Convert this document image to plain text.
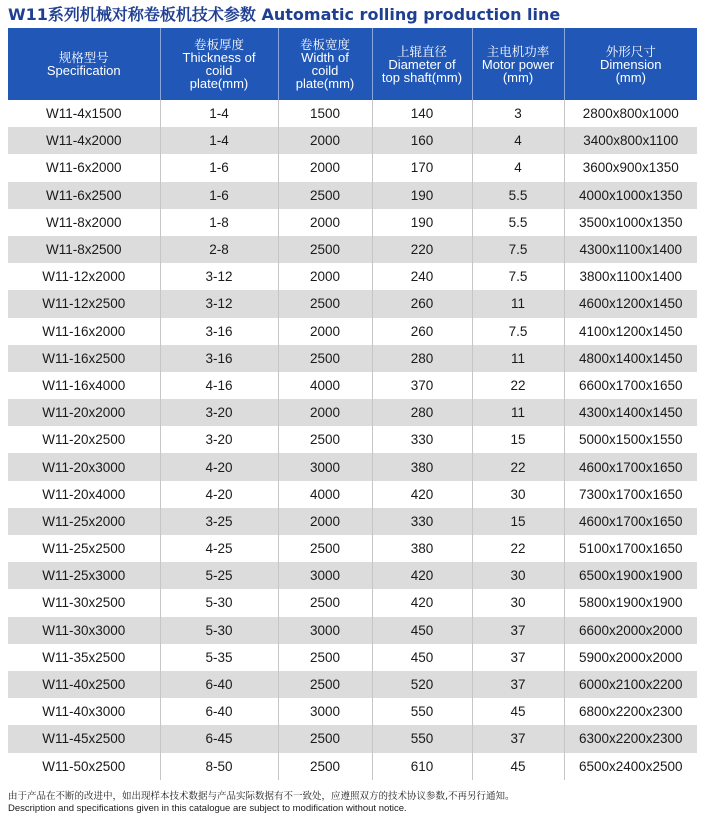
W11系列机械对称卷板机技术参数 Automatic rolling production line
规格型号
Specification	卷板厚度
Thickness of
coild
plate(mm)	卷板宽度
Width of
coild
plate(mm)	上辊直径
Diameter of
top shaft(mm)	主电机功率
Motor power
(mm)	外形尺寸
Dimension
(mm)

W11-4x1500	1-4	1500	140	3	2800x800x1000
W11-4x2000	1-4	2000	160	4	3400x800x1100
W11-6x2000	1-6	2000	170	4	3600x900x1350
W11-6x2500	1-6	2500	190	5.5	4000x1000x1350
W11-8x2000	1-8	2000	190	5.5	3500x1000x1350
W11-8x2500	2-8	2500	220	7.5	4300x1100x1400
W11-12x2000	3-12	2000	240	7.5	3800x1100x1400
W11-12x2500	3-12	2500	260	11	4600x1200x1450
W11-16x2000	3-16	2000	260	7.5	4100x1200x1450
W11-16x2500	3-16	2500	280	11	4800x1400x1450
W11-16x4000	4-16	4000	370	22	6600x1700x1650
W11-20x2000	3-20	2000	280	11	4300x1400x1450
W11-20x2500	3-20	2500	330	15	5000x1500x1550
W11-20x3000	4-20	3000	380	22	4600x1700x1650
W11-20x4000	4-20	4000	420	30	7300x1700x1650
W11-25x2000	3-25	2000	330	15	4600x1700x1650
W11-25x2500	4-25	2500	380	22	5100x1700x1650
W11-25x3000	5-25	3000	420	30	6500x1900x1900
W11-30x2500	5-30	2500	420	30	5800x1900x1900
W11-30x3000	5-30	3000	450	37	6600x2000x2000
W11-35x2500	5-35	2500	450	37	5900x2000x2000
W11-40x2500	6-40	2500	520	37	6000x2100x2200
W11-40x3000	6-40	3000	550	45	6800x2200x2300
W11-45x2500	6-45	2500	550	37	6300x2200x2300
W11-50x2500	8-50	2500	610	45	6500x2400x2500
由于产品在不断的改进中，如出现样本技术数据与产品实际数据有不一致处，应遵照双方的技术协议参数,不再另行通知。
Description and specifications given in this catalogue are subject to modification without notice.
